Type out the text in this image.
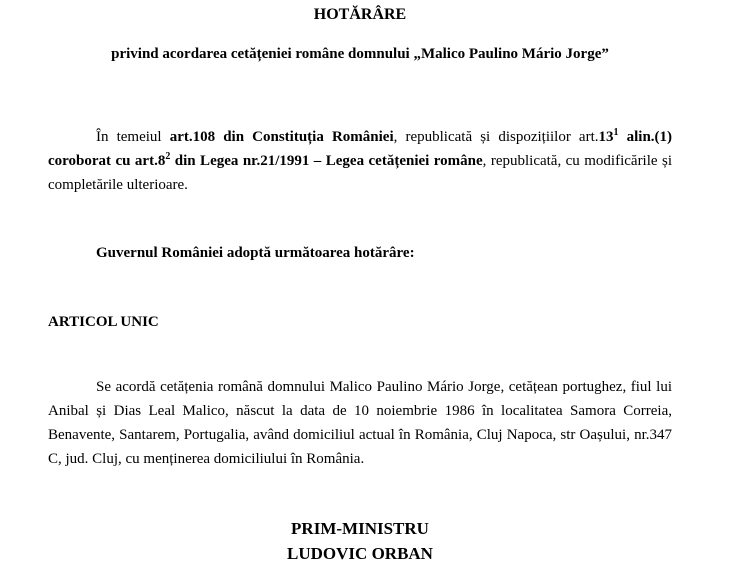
HOTĂRÂRE
privind acordarea cetățeniei române domnului „Malico Paulino Mário Jorge”
În temeiul art.108 din Constituția României, republicată și dispozițiilor $art.13^1$ alin.(1) coroborat cu $art.8^2$ din Legea nr.21/1991 – Legea cetățeniei române, republicată, cu modificările și completările ulterioare.
Guvernul României adoptă următoarea hotărâre:
ARTICOL UNIC
Se acordă cetățenia română domnului Malico Paulino Mário Jorge, cetățean portughez, fiul lui Anibal și Dias Leal Malico, născut la data de 10 noiembrie 1986 în localitatea Samora Correia, Benavente, Santarem, Portugalia, având domiciliul actual în România, Cluj Napoca, str Oașului, nr.347 C, jud. Cluj, cu menținerea domiciliului în România.
PRIM-MINISTRU
LUDOVIC ORBAN
